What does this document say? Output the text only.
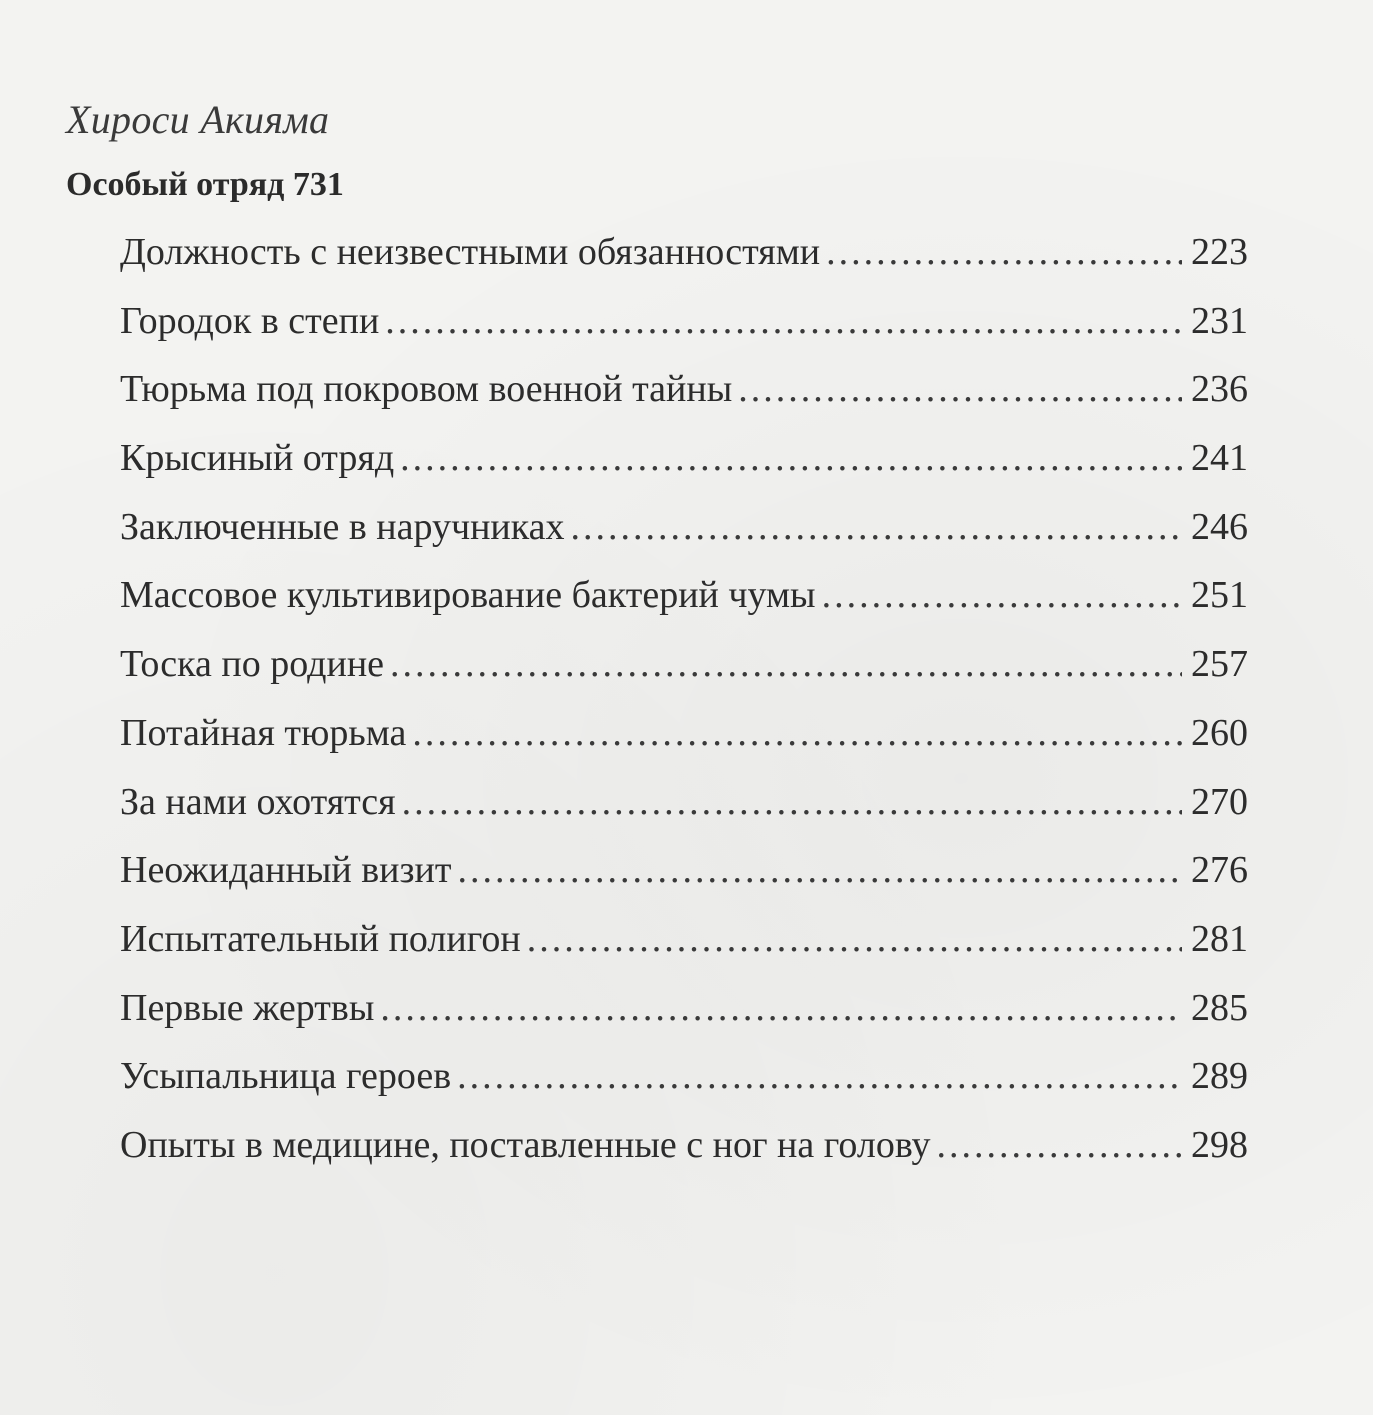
Хироси Акияма
Особый отряд 731
Должность с неизвестными обязанностями .....	223
Городок в степи .....	231
Тюрьма под покровом военной тайны .....	236
Крысиный отряд .....	241
Заключенные в наручниках .....	246
Массовое культивирование бактерий чумы .....	251
Тоска по родине .....	257
Потайная тюрьма .....	260
За нами охотятся .....	270
Неожиданный визит .....	276
Испытательный полигон .....	281
Первые жертвы .....	285
Усыпальница героев .....	289
Опыты в медицине, поставленные с ног на голову .....	298
